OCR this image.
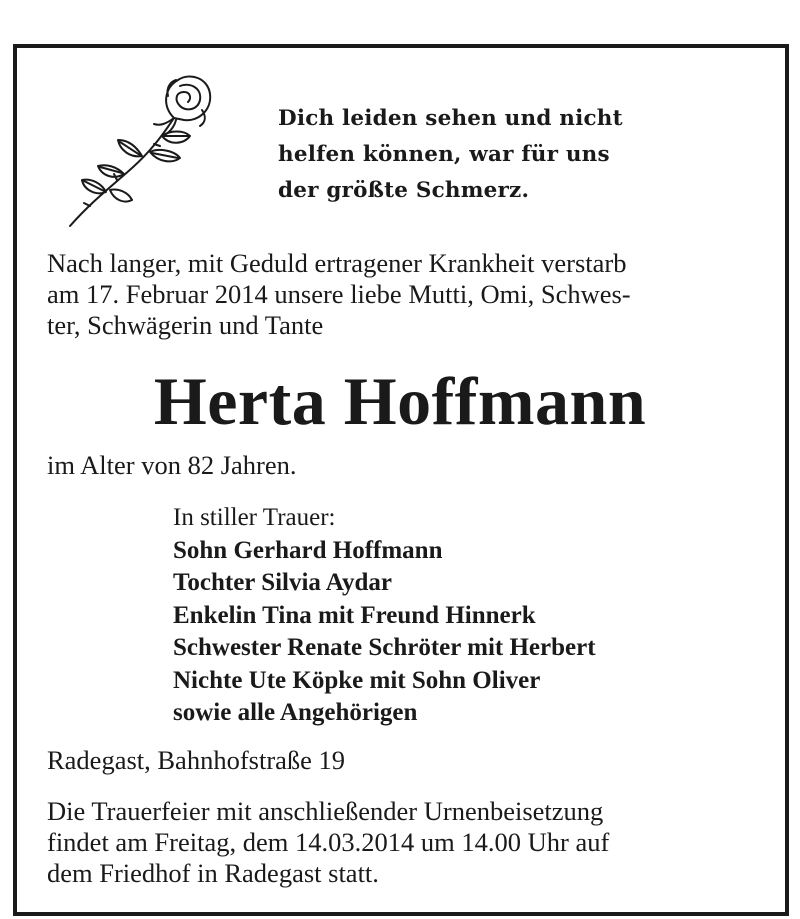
Dich leiden sehen und nicht
helfen können, war für uns
der größte Schmerz.
Nach langer, mit Geduld ertragener Krankheit verstarb
am 17. Februar 2014 unsere liebe Mutti, Omi, Schwes-
ter, Schwägerin und Tante
Herta Hoffmann
im Alter von 82 Jahren.
In stiller Trauer:
Sohn Gerhard Hoffmann
Tochter Silvia Aydar
Enkelin Tina mit Freund Hinnerk
Schwester Renate Schröter mit Herbert
Nichte Ute Köpke mit Sohn Oliver
sowie alle Angehörigen
Radegast, Bahnhofstraße 19
Die Trauerfeier mit anschließender Urnenbeisetzung
findet am Freitag, dem 14.03.2014 um 14.00 Uhr auf
dem Friedhof in Radegast statt.
